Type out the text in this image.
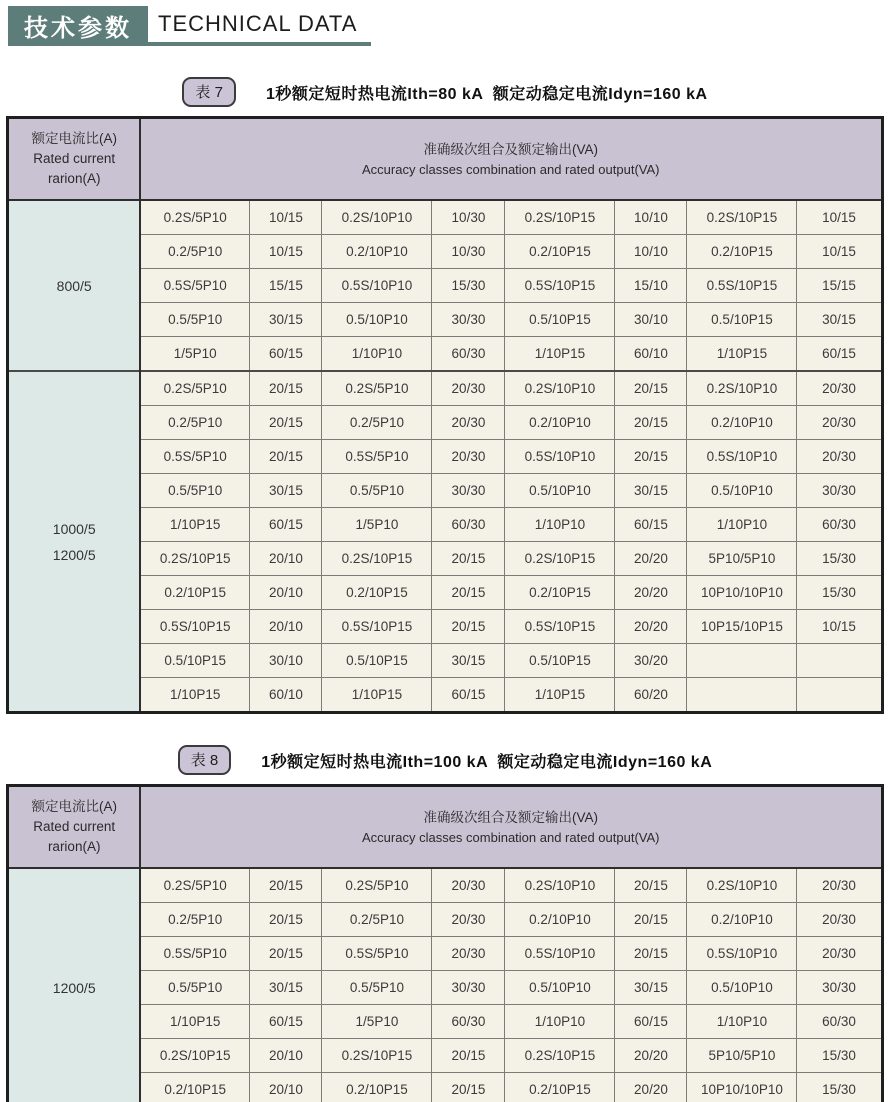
技术参数	TECHNICAL DATA
表 7	1秒额定短时热电流Ith=80 kA  额定动稳定电流Idyn=160 kA
额定电流比(A)
Rated current
rarion(A)

准确级次组合及额定输出(VA)
Accuracy classes combination and rated output(VA)

800/5	0.2S/5P10	10/15	0.2S/10P10	10/30	0.2S/10P15	10/10	0.2S/10P15	10/15
	0.2/5P10	10/15	0.2/10P10	10/30	0.2/10P15	10/10	0.2/10P15	10/15
	0.5S/5P10	15/15	0.5S/10P10	15/30	0.5S/10P15	15/10	0.5S/10P15	15/15
	0.5/5P10	30/15	0.5/10P10	30/30	0.5/10P15	30/10	0.5/10P15	30/15
	1/5P10	60/15	1/10P10	60/30	1/10P15	60/10	1/10P15	60/15

1000/5
1200/5	0.2S/5P10	20/15	0.2S/5P10	20/30	0.2S/10P10	20/15	0.2S/10P10	20/30
	0.2/5P10	20/15	0.2/5P10	20/30	0.2/10P10	20/15	0.2/10P10	20/30
	0.5S/5P10	20/15	0.5S/5P10	20/30	0.5S/10P10	20/15	0.5S/10P10	20/30
	0.5/5P10	30/15	0.5/5P10	30/30	0.5/10P10	30/15	0.5/10P10	30/30
	1/10P15	60/15	1/5P10	60/30	1/10P10	60/15	1/10P10	60/30
	0.2S/10P15	20/10	0.2S/10P15	20/15	0.2S/10P15	20/20	5P10/5P10	15/30
	0.2/10P15	20/10	0.2/10P15	20/15	0.2/10P15	20/20	10P10/10P10	15/30
	0.5S/10P15	20/10	0.5S/10P15	20/15	0.5S/10P15	20/20	10P15/10P15	10/15
	0.5/10P15	30/10	0.5/10P15	30/15	0.5/10P15	30/20		
	1/10P15	60/10	1/10P15	60/15	1/10P15	60/20		
表 8	1秒额定短时热电流Ith=100 kA  额定动稳定电流Idyn=160 kA
额定电流比(A)
Rated current
rarion(A)

准确级次组合及额定输出(VA)
Accuracy classes combination and rated output(VA)

1200/5	0.2S/5P10	20/15	0.2S/5P10	20/30	0.2S/10P10	20/15	0.2S/10P10	20/30
	0.2/5P10	20/15	0.2/5P10	20/30	0.2/10P10	20/15	0.2/10P10	20/30
	0.5S/5P10	20/15	0.5S/5P10	20/30	0.5S/10P10	20/15	0.5S/10P10	20/30
	0.5/5P10	30/15	0.5/5P10	30/30	0.5/10P10	30/15	0.5/10P10	30/30
	1/10P15	60/15	1/5P10	60/30	1/10P10	60/15	1/10P10	60/30
	0.2S/10P15	20/10	0.2S/10P15	20/15	0.2S/10P15	20/20	5P10/5P10	15/30
	0.2/10P15	20/10	0.2/10P15	20/15	0.2/10P15	20/20	10P10/10P10	15/30
